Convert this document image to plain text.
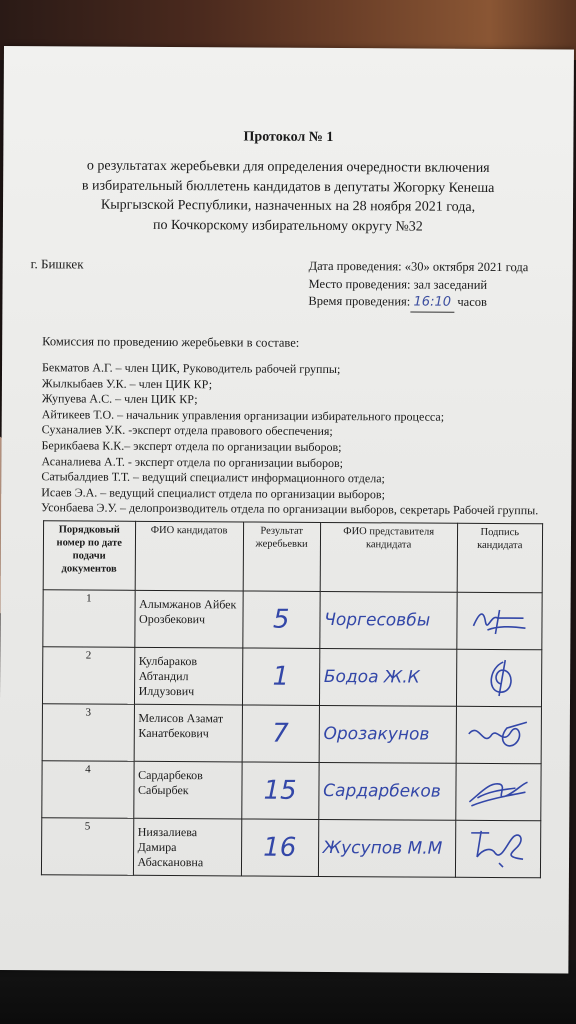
Протокол № 1
о результатах жеребьевки для определения очередности включения
в избирательный бюллетень кандидатов в депутаты Жогорку Кенеша
Кыргызской Республики, назначенных на 28 ноября 2021 года,
по Кочкорскому избирательному округу №32
г. Бишкек	Дата проведения: «30» октября 2021 года
Место проведения: зал заседаний
Время проведения: 16:10 часов
Комиссия по проведению жеребьевки в составе:
Бекматов А.Г. – член ЦИК, Руководитель рабочей группы;
Жылкыбаев У.К. – член ЦИК КР;
Жупуева А.С. – член ЦИК КР;
Айтикеев Т.О. – начальник управления организации избирательного процесса;
Суханалиев У.К. -эксперт отдела правового обеспечения;
Берикбаева К.К.– эксперт отдела по организации выборов;
Асаналиева А.Т. - эксперт отдела по организации выборов;
Сатыбалдиев Т.Т. – ведущий специалист информационного отдела;
Исаев Э.А. – ведущий специалист отдела по организации выборов;
Усонбаева Э.У. – делопроизводитель отдела по организации выборов, секретарь Рабочей группы.
Порядковый номер по дате подачи документов	ФИО кандидатов	Результат жеребьевки	ФИО представителя кандидата	Подпись кандидата
1	Алымжанов Айбек Орозбекович	5	Чоргесовбы	

2	Кулбараков Абтандил Илдузович	1	Бодоа Ж.К	

3	Мелисов Азамат Канатбекович	7	Орозакунов	

4	Сардарбеков Сабырбек	15	Сардарбеков	

5	Ниязалиева Дамира Абаскановна	16	Жусупов М.М	
